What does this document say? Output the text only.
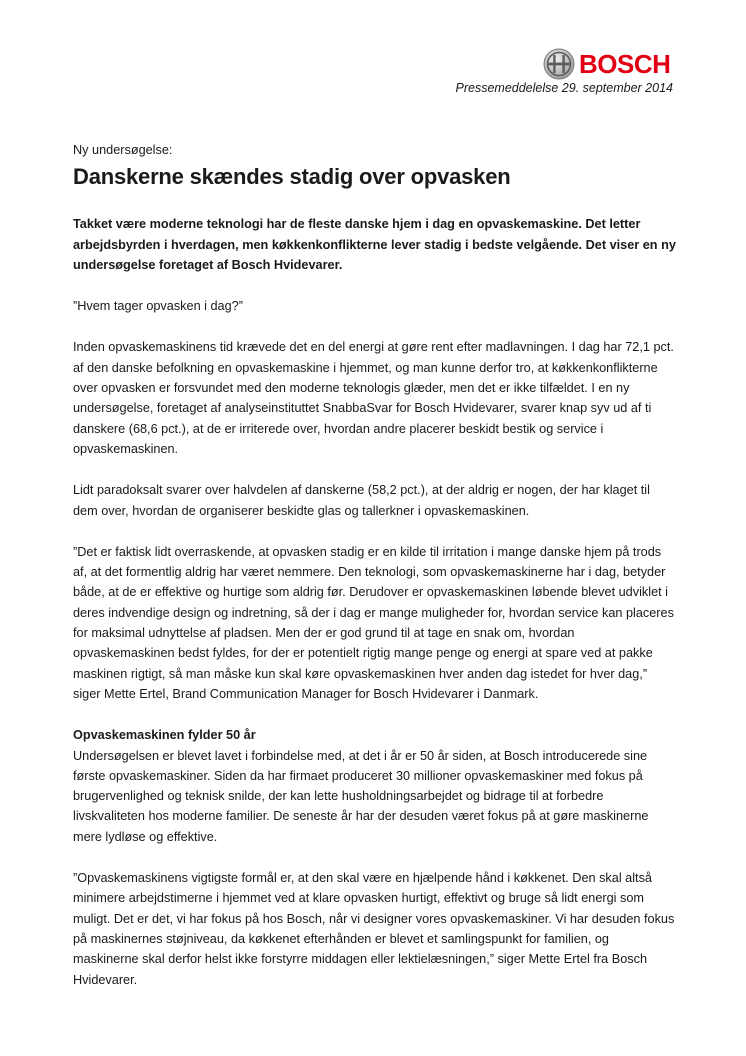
BOSCH
Pressemeddelelse 29. september 2014

Ny undersøgelse:

Danskerne skændes stadig over opvasken

Takket være moderne teknologi har de fleste danske hjem i dag en opvaskemaskine. Det letter arbejdsbyrden i hverdagen, men køkkenkonflikterne lever stadig i bedste velgående. Det viser en ny undersøgelse foretaget af Bosch Hvidevarer.

”Hvem tager opvasken i dag?”

Inden opvaskemaskinens tid krævede det en del energi at gøre rent efter madlavningen. I dag har 72,1 pct. af den danske befolkning en opvaskemaskine i hjemmet, og man kunne derfor tro, at køkkenkonflikterne over opvasken er forsvundet med den moderne teknologis glæder, men det er ikke tilfældet. I en ny undersøgelse, foretaget af analyseinstituttet SnabbaSvar for Bosch Hvidevarer, svarer knap syv ud af ti danskere (68,6 pct.), at de er irriterede over, hvordan andre placerer beskidt bestik og service i opvaskemaskinen.

Lidt paradoksalt svarer over halvdelen af danskerne (58,2 pct.), at der aldrig er nogen, der har klaget til dem over, hvordan de organiserer beskidte glas og tallerkner i opvaskemaskinen.

”Det er faktisk lidt overraskende, at opvasken stadig er en kilde til irritation i mange danske hjem på trods af, at det formentlig aldrig har været nemmere. Den teknologi, som opvaskemaskinerne har i dag, betyder både, at de er effektive og hurtige som aldrig før. Derudover er opvaskemaskinen løbende blevet udviklet i deres indvendige design og indretning, så der i dag er mange muligheder for, hvordan service kan placeres for maksimal udnyttelse af pladsen. Men der er god grund til at tage en snak om, hvordan opvaskemaskinen bedst fyldes, for der er potentielt rigtig mange penge og energi at spare ved at pakke maskinen rigtigt, så man måske kun skal køre opvaskemaskinen hver anden dag istedet for hver dag,” siger Mette Ertel, Brand Communication Manager for Bosch Hvidevarer i Danmark.

Opvaskemaskinen fylder 50 år

Undersøgelsen er blevet lavet i forbindelse med, at det i år er 50 år siden, at Bosch introducerede sine første opvaskemaskiner. Siden da har firmaet produceret 30 millioner opvaskemaskiner med fokus på brugervenlighed og teknisk snilde, der kan lette husholdningsarbejdet og bidrage til at forbedre livskvaliteten hos moderne familier. De seneste år har der desuden været fokus på at gøre maskinerne mere lydløse og effektive.

”Opvaskemaskinens vigtigste formål er, at den skal være en hjælpende hånd i køkkenet. Den skal altså minimere arbejdstimerne i hjemmet ved at klare opvasken hurtigt, effektivt og bruge så lidt energi som muligt. Det er det, vi har fokus på hos Bosch, når vi designer vores opvaskemaskiner. Vi har desuden fokus på maskinernes støjniveau, da køkkenet efterhånden er blevet et samlingspunkt for familien, og maskinerne skal derfor helst ikke forstyrre middagen eller lektielæsningen,” siger Mette Ertel fra Bosch Hvidevarer.
